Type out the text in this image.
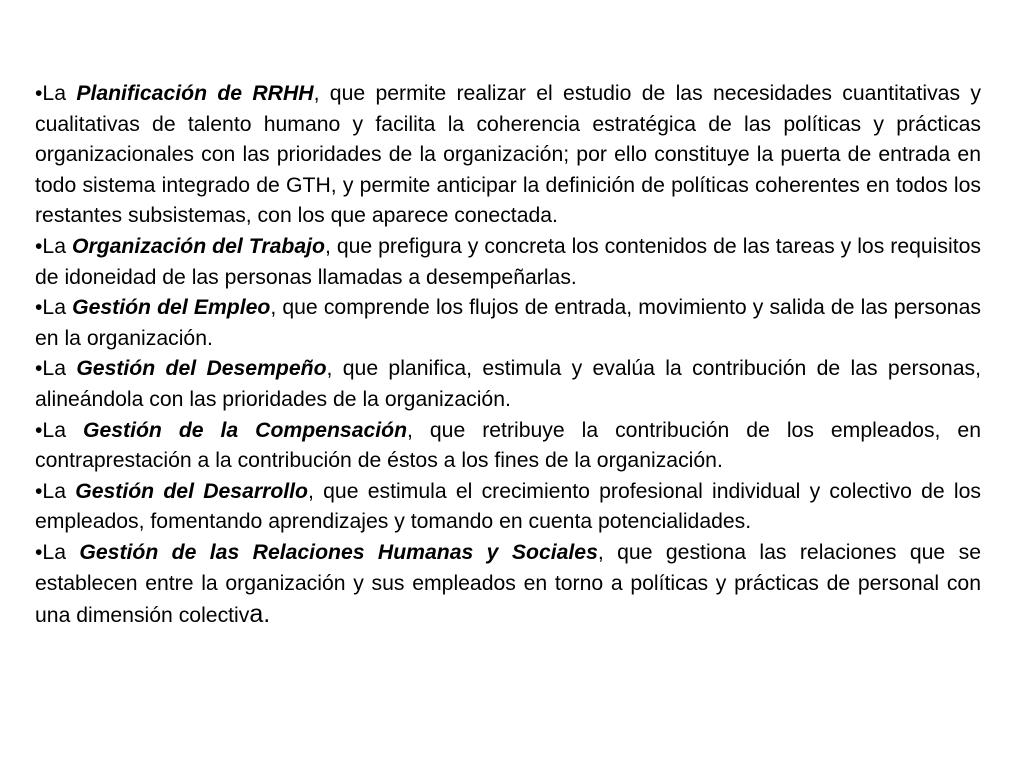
•La Planificación de RRHH, que permite realizar el estudio de las necesidades cuantitativas y cualitativas de talento humano y facilita la coherencia estratégica de las políticas y prácticas organizacionales con las prioridades de la organización; por ello constituye la puerta de entrada en todo sistema integrado de GTH, y permite anticipar la definición de políticas coherentes en todos los restantes subsistemas, con los que aparece conectada.

•La Organización del Trabajo, que prefigura y concreta los contenidos de las tareas y los requisitos de idoneidad de las personas llamadas a desempeñarlas.

•La Gestión del Empleo, que comprende los flujos de entrada, movimiento y salida de las personas en la organización.

•La Gestión del Desempeño, que planifica, estimula y evalúa la contribución de las personas, alineándola con las prioridades de la organización.

•La Gestión de la Compensación, que retribuye la contribución de los empleados, en contraprestación a la contribución de éstos a los fines de la organización.

•La Gestión del Desarrollo, que estimula el crecimiento profesional individual y colectivo de los empleados, fomentando aprendizajes y tomando en cuenta potencialidades.

•La Gestión de las Relaciones Humanas y Sociales, que gestiona las relaciones que se establecen entre la organización y sus empleados en torno a políticas y prácticas de personal con una dimensión colectiva.
